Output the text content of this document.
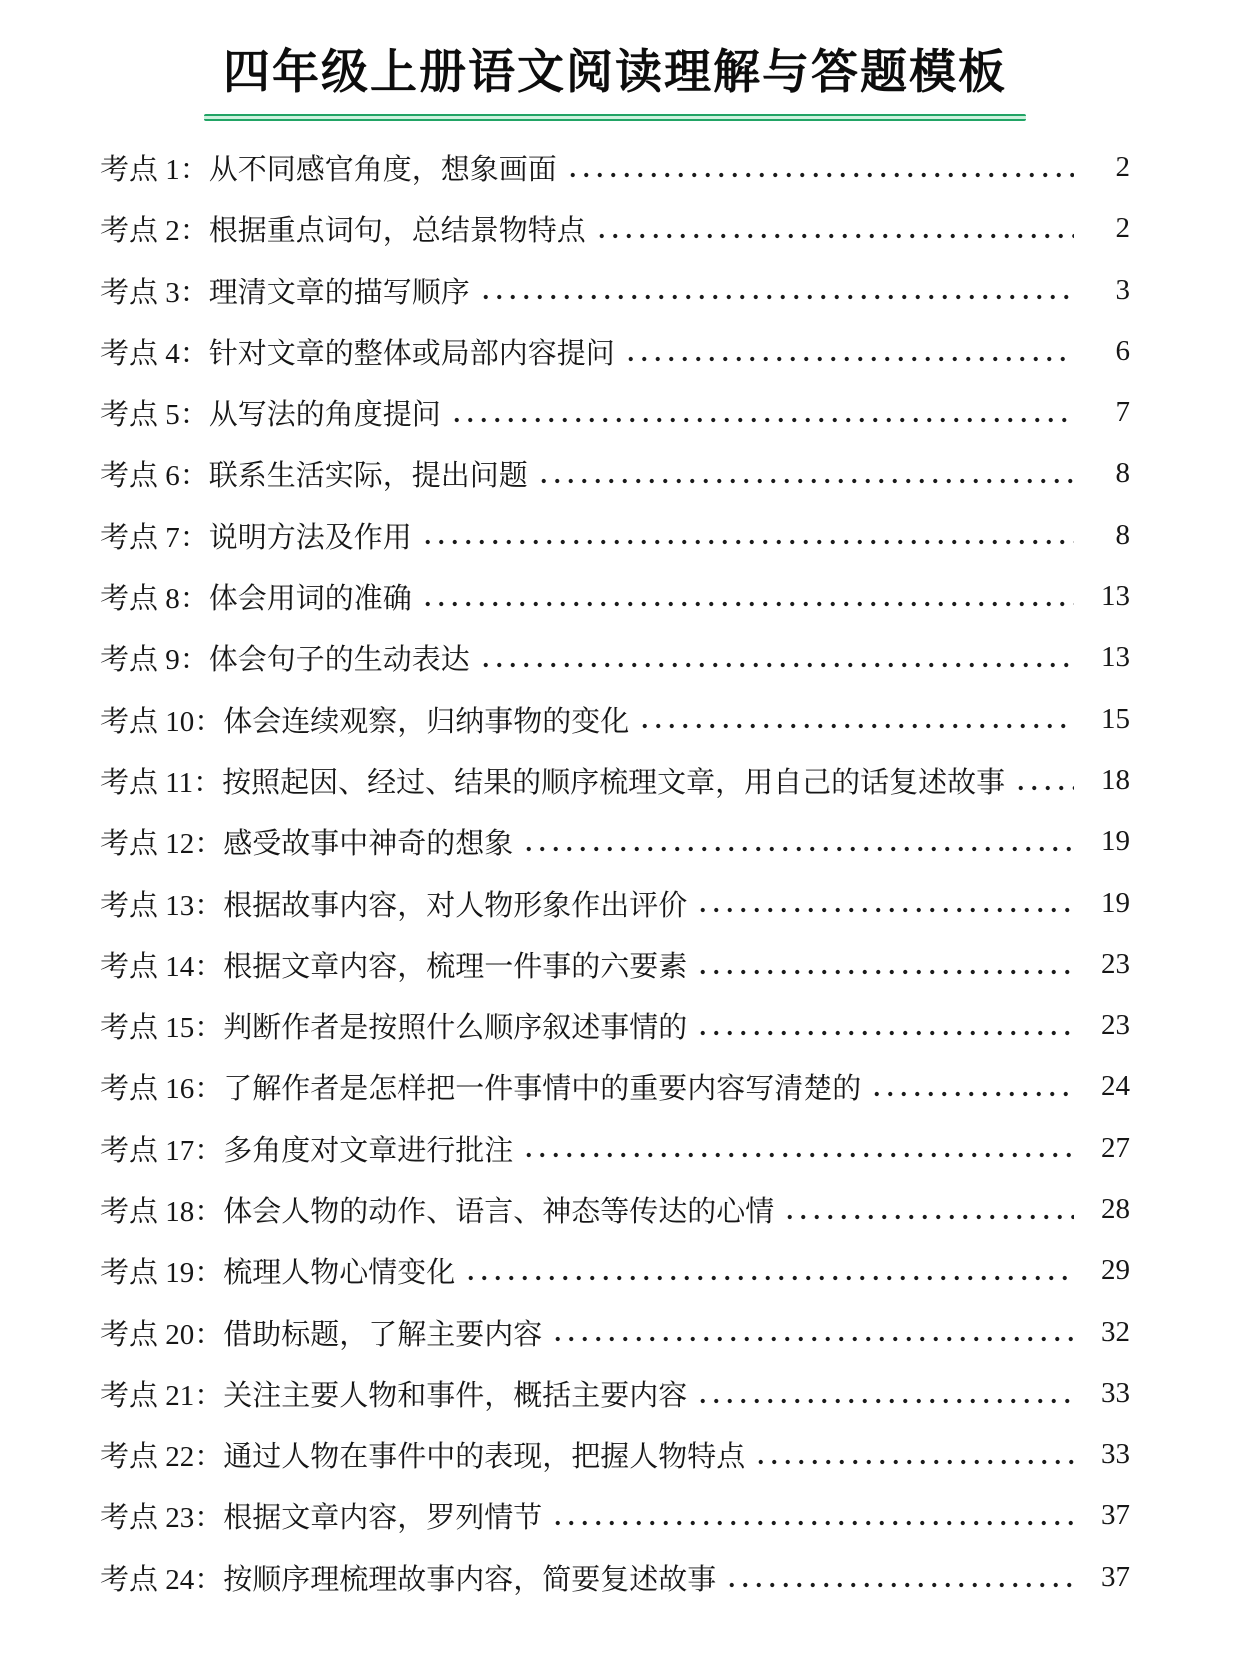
四年级上册语文阅读理解与答题模板
考点 1：从不同感官角度，想象画面	2
考点 2：根据重点词句，总结景物特点	2
考点 3：理清文章的描写顺序	3
考点 4：针对文章的整体或局部内容提问	6
考点 5：从写法的角度提问	7
考点 6：联系生活实际，提出问题	8
考点 7：说明方法及作用	8
考点 8：体会用词的准确	13
考点 9：体会句子的生动表达	13
考点 10：体会连续观察，归纳事物的变化	15
考点 11：按照起因、经过、结果的顺序梳理文章，用自己的话复述故事	18
考点 12：感受故事中神奇的想象	19
考点 13：根据故事内容，对人物形象作出评价	19
考点 14：根据文章内容，梳理一件事的六要素	23
考点 15：判断作者是按照什么顺序叙述事情的	23
考点 16：了解作者是怎样把一件事情中的重要内容写清楚的	24
考点 17：多角度对文章进行批注	27
考点 18：体会人物的动作、语言、神态等传达的心情	28
考点 19：梳理人物心情变化	29
考点 20：借助标题，了解主要内容	32
考点 21：关注主要人物和事件，概括主要内容	33
考点 22：通过人物在事件中的表现，把握人物特点	33
考点 23：根据文章内容，罗列情节	37
考点 24：按顺序理梳理故事内容，简要复述故事	37
